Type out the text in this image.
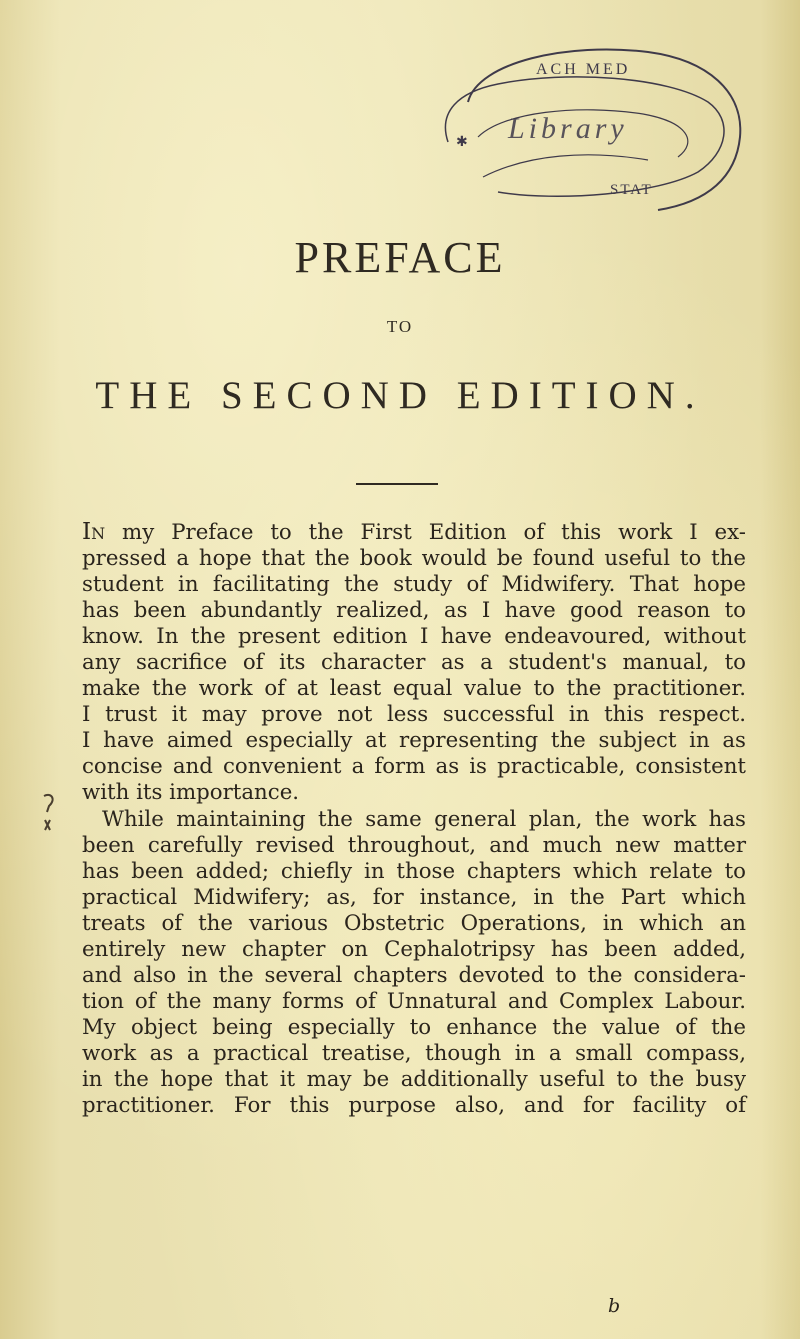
ACH MED
Library
STAT
✱
PREFACE
TO
THE SECOND EDITION.
In my Preface to the First Edition of this work I ex-
pressed a hope that the book would be found useful to the
student in facilitating the study of Midwifery. That hope
has been abundantly realized, as I have good reason to
know. In the present edition I have endeavoured, without
any sacrifice of its character as a student's manual, to
make the work of at least equal value to the practitioner.
I trust it may prove not less successful in this respect.
I have aimed especially at representing the subject in as
concise and convenient a form as is practicable, consistent
with its importance.
While maintaining the same general plan, the work has
been carefully revised throughout, and much new matter
has been added; chiefly in those chapters which relate to
practical Midwifery; as, for instance, in the Part which
treats of the various Obstetric Operations, in which an
entirely new chapter on Cephalotripsy has been added,
and also in the several chapters devoted to the considera-
tion of the many forms of Unnatural and Complex Labour.
My object being especially to enhance the value of the
work as a practical treatise, though in a small compass,
in the hope that it may be additionally useful to the busy
practitioner. For this purpose also, and for facility of
b
